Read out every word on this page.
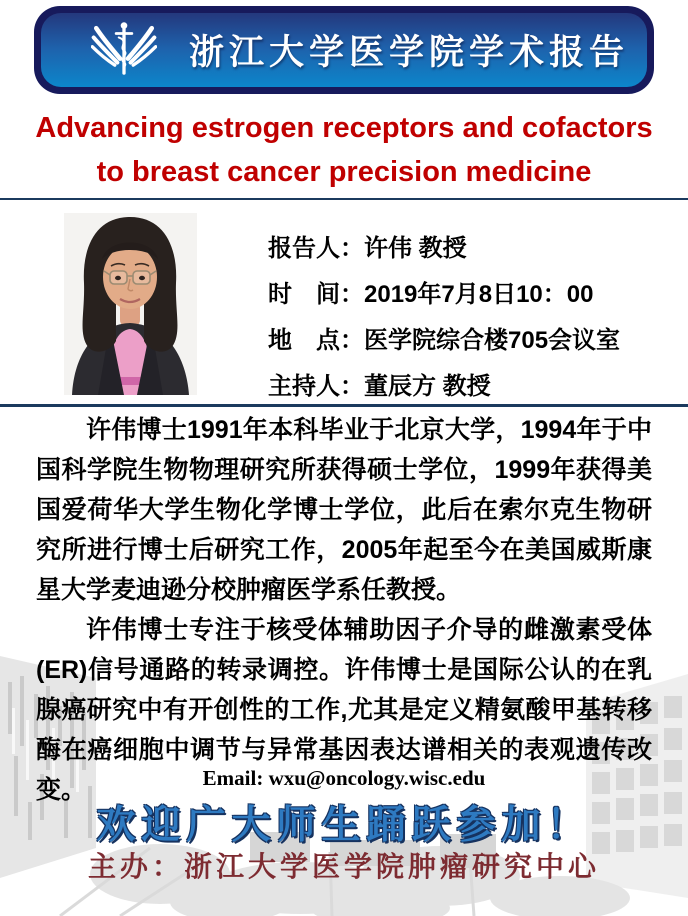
浙江大学医学院学术报告
Advancing estrogen receptors and cofactors
to breast cancer precision medicine
报告人：许伟 教授
时　间：2019年7月8日10：00
地　点：医学院综合楼705会议室
主持人：董辰方 教授

许伟博士1991年本科毕业于北京大学，1994年于中国科学院生物物理研究所获得硕士学位，1999年获得美国爱荷华大学生物化学博士学位，此后在索尔克生物研究所进行博士后研究工作，2005年起至今在美国威斯康星大学麦迪逊分校肿瘤医学系任教授。

许伟博士专注于核受体辅助因子介导的雌激素受体(ER)信号通路的转录调控。许伟博士是国际公认的在乳腺癌研究中有开创性的工作,尤其是定义精氨酸甲基转移酶在癌细胞中调节与异常基因表达谱相关的表观遗传改变。	Email: wxu@oncology.wisc.edu
欢迎广大师生踊跃参加！
主办：浙江大学医学院肿瘤研究中心
